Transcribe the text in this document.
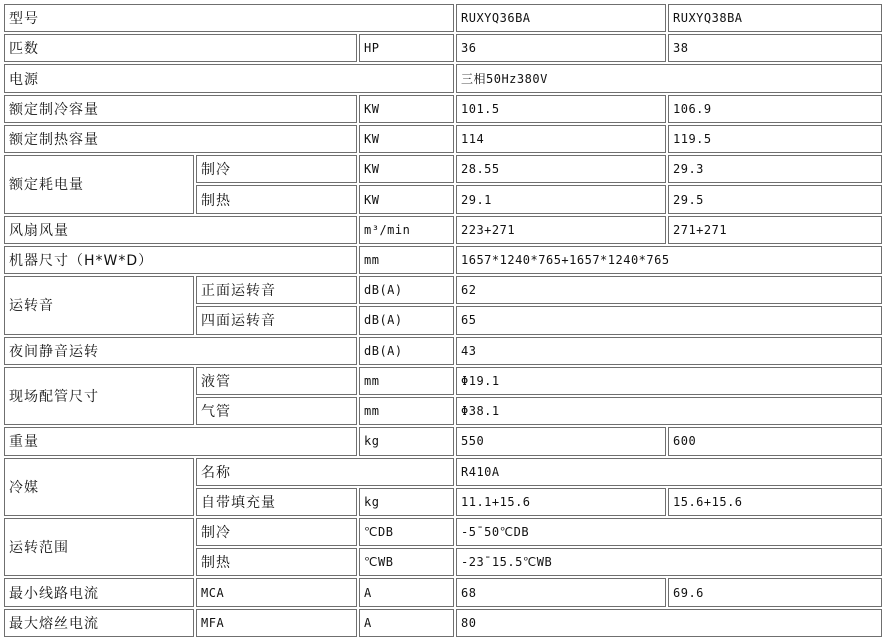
型号			RUXYQ36BA	RUXYQ38BA
匹数		HP	36	38
电源			三相50Hz380V	
额定制冷容量		KW	101.5	106.9
额定制热容量		KW	114	119.5
额定耗电量	制冷	KW	28.55	29.3
	制热	KW	29.1	29.5
风扇风量		m³/min	223+271	271+271
机器尺寸（H*W*D）		mm	1657*1240*765+1657*1240*765	
运转音	正面运转音	dB(A)	62	
	四面运转音	dB(A)	65	
夜间静音运转		dB(A)	43	
现场配管尺寸	液管	mm	Φ19.1	
	气管	mm	Φ38.1	
重量		kg	550	600
冷媒	名称		R410A	
	自带填充量	kg	11.1+15.6	15.6+15.6
运转范围	制冷	℃DB	-5¯50℃DB	
	制热	℃WB	-23¯15.5℃WB	
最小线路电流	MCA	A	68	69.6
最大熔丝电流	MFA	A	80	
